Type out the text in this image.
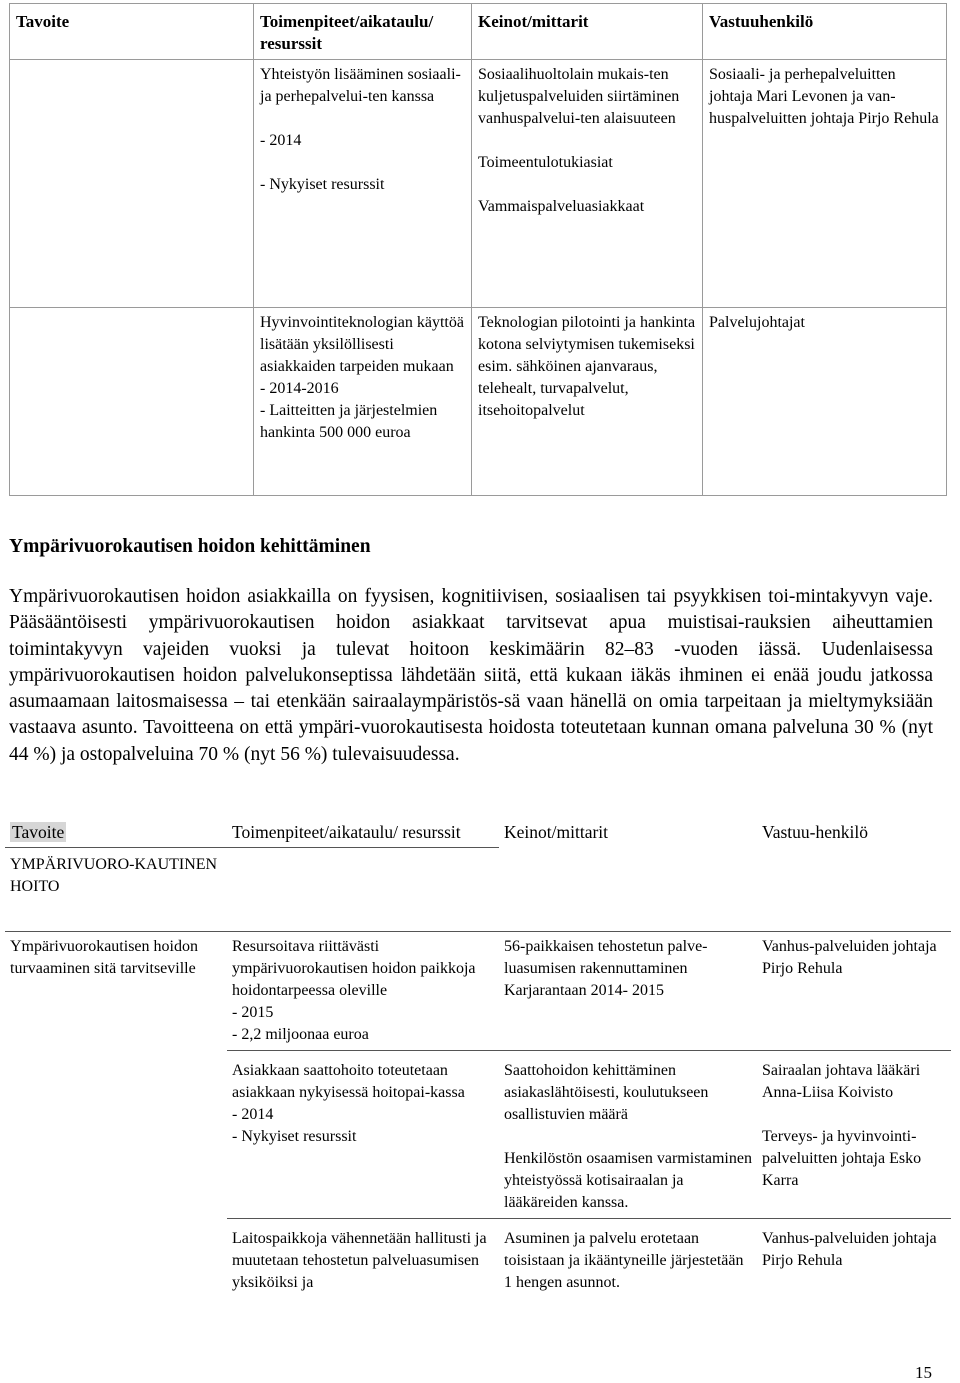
Tavoite	Toimenpiteet/aikataulu/ resurssit	Keinot/mittarit	Vastuuhenkilö

	Yhteistyön lisääminen sosiaali- ja perhepalvelui-ten kanssa
- 2014
- Nykyiset resurssit	Sosiaalihuoltolain mukais-ten kuljetuspalveluiden siirtäminen vanhuspalvelui-ten alaisuuteen
Toimeentulotukiasiat
Vammaispalveluasiakkaat	Sosiaali- ja perhepalveluitten johtaja Mari Levonen ja van-huspalveluitten johtaja Pirjo Rehula

	Hyvinvointiteknologian käyttöä lisätään yksilöllisesti asiakkaiden tarpeiden mukaan
- 2014-2016
- Laitteitten ja järjestelmien hankinta 500 000 euroa	Teknologian pilotointi ja hankinta kotona selviytymisen tukemiseksi esim. sähköinen ajanvaraus, telehealt, turvapalvelut, itsehoitopalvelut	Palvelujohtajat
Ympärivuorokautisen hoidon kehittäminen
Ympärivuorokautisen hoidon asiakkailla on fyysisen, kognitiivisen, sosiaalisen tai psyykkisen toi-mintakyvyn vaje. Pääsääntöisesti ympärivuorokautisen hoidon asiakkaat tarvitsevat apua muistisai-rauksien aiheuttamien toimintakyvyn vajeiden vuoksi ja tulevat hoitoon keskimäärin 82–83 -vuoden iässä. Uudenlaisessa ympärivuorokautisen hoidon palvelukonseptissa lähdetään siitä, että kukaan iäkäs ihminen ei enää joudu jatkossa asumaamaan laitosmaisessa – tai etenkään sairaalaympäristös-sä vaan hänellä on omia tarpeitaan ja mieltymyksiään vastaava asunto. Tavoitteena on että ympäri-vuorokautisesta hoidosta toteutetaan kunnan omana palveluna 30 % (nyt 44 %) ja ostopalveluina 70 % (nyt 56 %) tulevaisuudessa.
Tavoite	Toimenpiteet/aikataulu/ resurssit	Keinot/mittarit	Vastuu-henkilö
YMPÄRIVUORO-KAUTINEN HOITO			
Ympärivuorokautisen hoidon turvaaminen sitä tarvitseville	Resursoitava riittävästi ympärivuorokautisen hoidon paikkoja hoidontarpeessa oleville
- 2015
- 2,2 miljoonaa euroa	56-paikkaisen tehostetun palve-luasumisen rakennuttaminen Karjarantaan 2014- 2015	Vanhus-palveluiden johtaja Pirjo Rehula

	Asiakkaan saattohoito toteutetaan asiakkaan nykyisessä hoitopai-kassa
- 2014
- Nykyiset resurssit	Saattohoidon kehittäminen asiakaslähtöisesti, koulutukseen osallistuvien määrä
Henkilöstön osaamisen varmistaminen yhteistyössä kotisairaalan ja lääkäreiden kanssa.	Sairaalan johtava lääkäri Anna-Liisa Koivisto
Terveys- ja hyvinvointi-palveluitten johtaja Esko Karra

	Laitospaikkoja vähennetään hallitusti ja muutetaan tehostetun palveluasumisen yksiköiksi ja	Asuminen ja palvelu erotetaan toisistaan ja ikääntyneille järjestetään 1 hengen asunnot.	Vanhus-palveluiden johtaja Pirjo Rehula
15
